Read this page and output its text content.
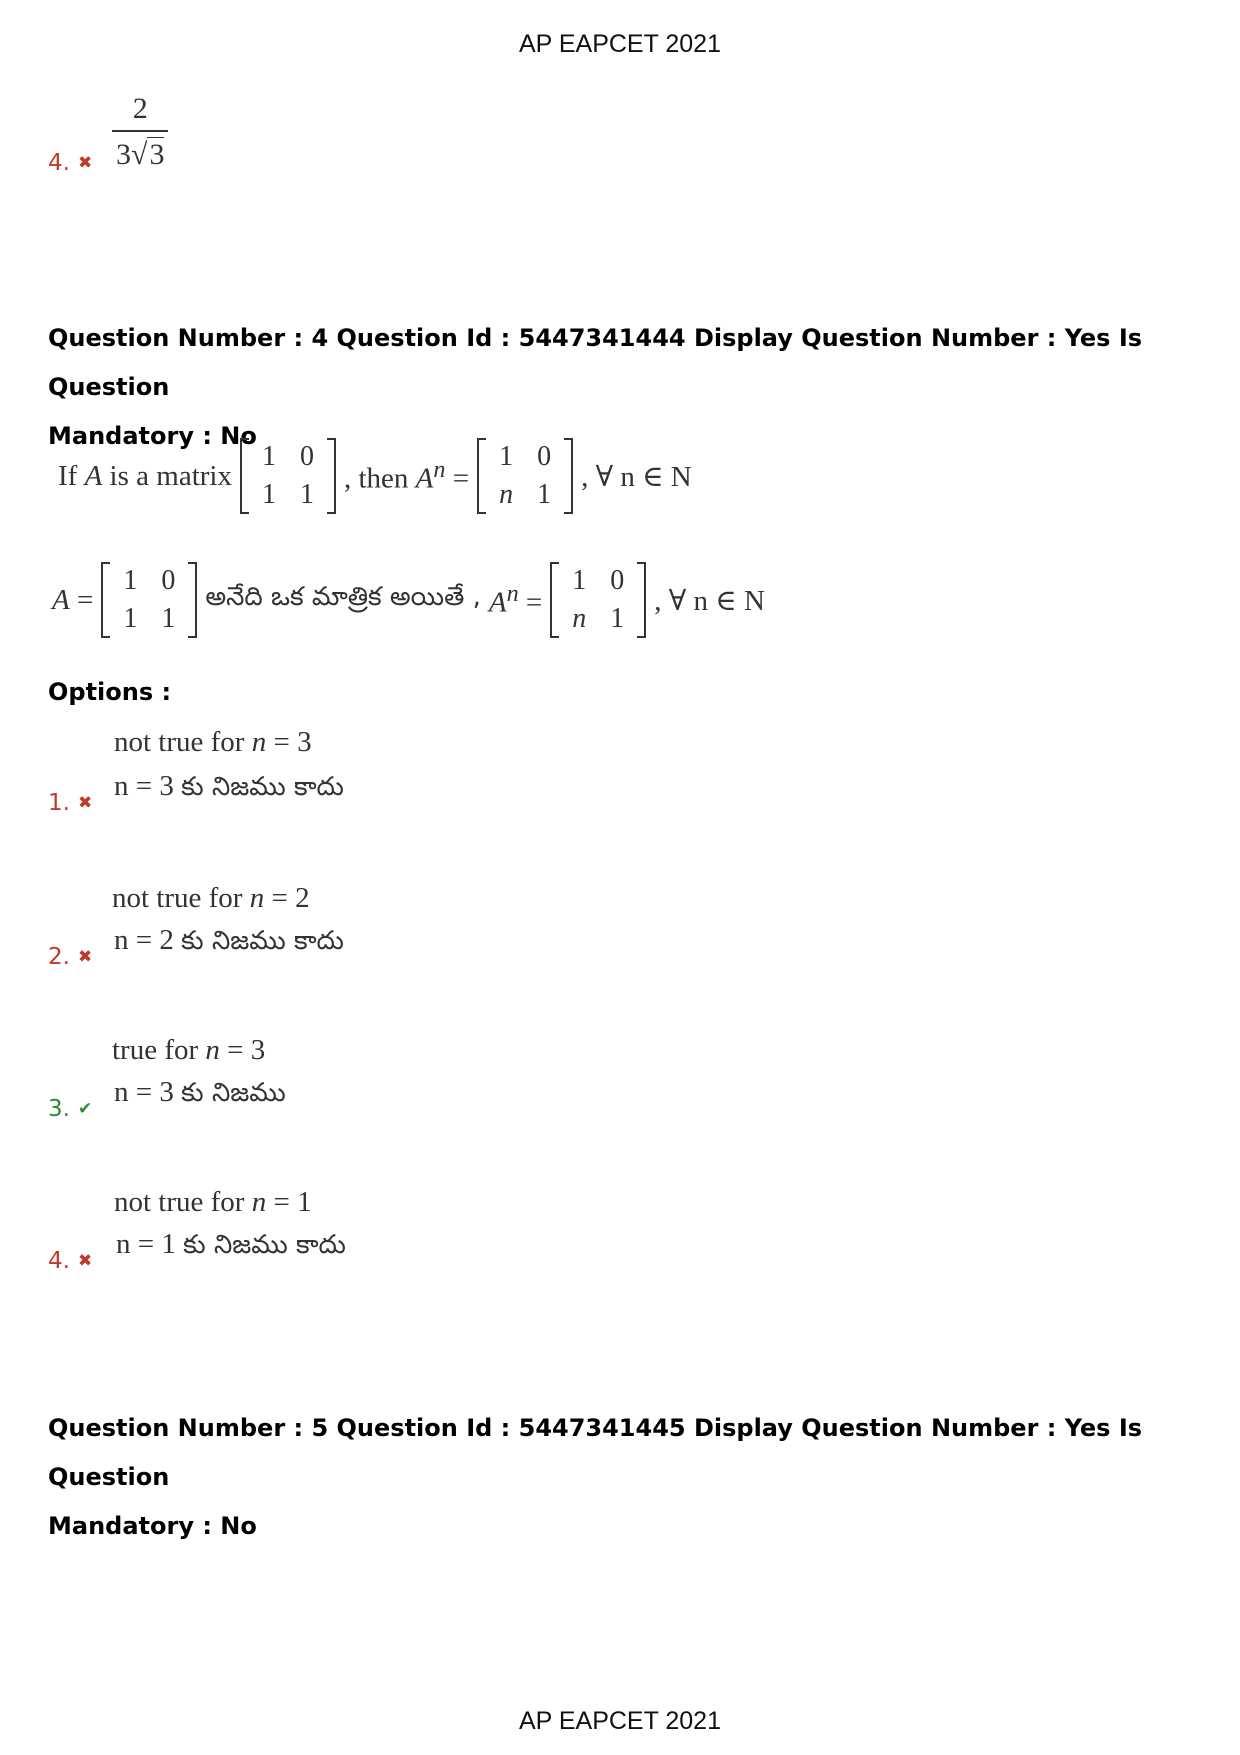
AP EAPCET 2021
4. ✖ $\frac{2}{3√3}$
Question Number : 4 Question Id : 5447341444 Display Question Number : Yes Is Question
Mandatory : No
If A is a matrix
1	0
1	1 , then $A^n$ =
1	0
n	1
, ∀ n ∈ N
A =
1	0
1	1
అనేది ఒక మాత్రిక అయితే , $A^n$ =
1	0
n	1
, ∀ n ∈ N
Options :
1. ✖
not true for n = 3
n = 3 కు నిజము కాదు
2. ✖
not true for n = 2
n = 2 కు నిజము కాదు
3. ✔
true for n = 3
n = 3 కు నిజము
4. ✖
not true for n = 1
n = 1 కు నిజము కాదు
Question Number : 5 Question Id : 5447341445 Display Question Number : Yes Is Question
Mandatory : No
AP EAPCET 2021
